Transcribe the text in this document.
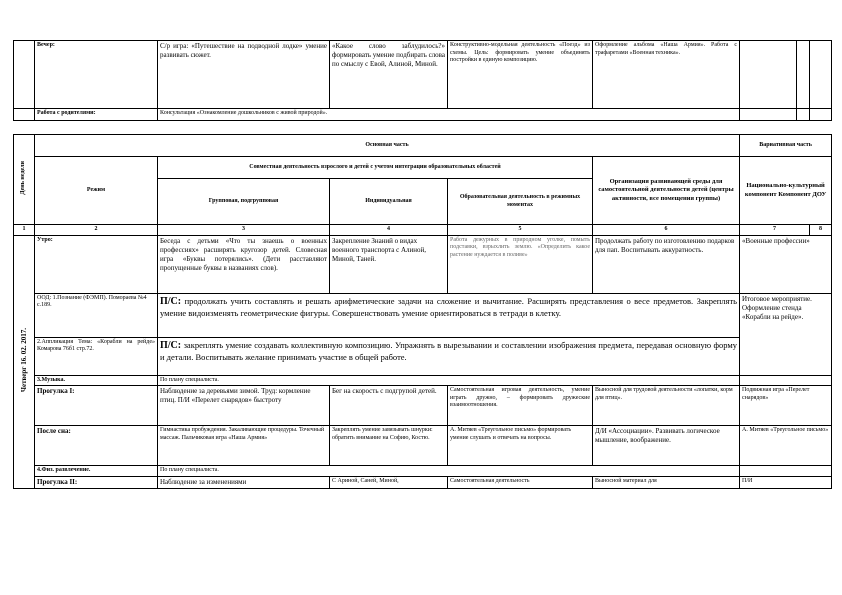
	Вечер:	С/р игра: «Путешествие на подводной лодке» умение развивать сюжет.	«Какое слово заблудилось?» формировать умение подбирать слова по смыслу с Евой, Алиной, Миной.	Конструктивно-модельная деятельность «Поезд» из схемы. Цель: формировать умение объединять постройки в единую композицию.	Оформление альбома «Наша Армия». Работа с трафаретами «Военная техника».			
	Работа с родителями:	Консультация «Ознакомление дошкольников с живой природой».						
День недели	Основная часть					Вариативная часть	
	Режим	Совместная деятельность взрослого и детей с учетом интеграции образовательных областей			Организация развивающей среды для самостоятельной деятельности детей (центры активности, все помещения группы)	Национально-культурный компонент Компонент ДОУ	
		Групповая, подгрупповая	Индивидуальная	Образовательная деятельность в режимных моментах			
1	2	3	4	5	6	7	8
Четверг 16. 02. 2017.	Утро:	Беседа с детьми «Что ты знаешь о военных профессиях» расширять кругозор детей. Словесная игра «Буквы потерялись». (Дети расставляют пропущенные буквы в названиях слов).	Закрепление Знаний о видах военного транспорта с Алиной, Миной, Таней.	Работа дежурных в природном уголке, помыть подставки, взрыхлить землю. «Определить какое растение нуждается в поливе»	Продолжать работу по изготовлению подарков для пап. Воспитывать аккуратность.	«Военные профессии»	
	ООД: 1.Познание (ФЭМП). Помораева №4 с.189.	П/С: продолжать учить составлять и решать арифметические задачи на сложение и вычитание. Расширять представления о весе предметов. Закреплять умение видоизменять геометрические фигуры. Совершенствовать умение ориентироваться в тетради в клетку.				Итоговое мероприятие. Оформление стенда «Корабли на рейде».	
	2.Аппликация Тема: «Корабли на рейде» Комарова 76б1 стр.72.	П/С: закреплять умение создавать коллективную композицию. Упражнять в вырезывании и составлении изображения предмета, передавая основную форму и детали. Воспитывать желание принимать участие в общей работе.					
	3.Музыка.	По плану специалиста.					
	Прогулка I:	Наблюдение за деревьями зимой. Труд: кормление птиц. П/И «Перелет снарядов» быстроту	Бег на скорость с подгрупой детей.	Самостоятельная игровая деятельность, умение играть дружно, – формировать дружеские взаимоотношения.	Выносной для трудовой деятельности «лопатки, корм для птиц».	Подвижная игра «Перелет снарядов»	
	После сна:	Гимнастика пробуждения. Закаливающие процедуры. Точечный массаж. Пальчиковая игра «Наша Армия»	Закреплять умение завязывать шнурки: обратить внимание на Софию, Костю.	А. Митяев «Треугольное письмо» формировать умение слушать и отвечать на вопросы.	Д/И «Ассоциации». Развивать логическое мышление, воображение.	А. Митяев «Треугольное письмо»	
	4.Физ. развлечение.	По плану специалиста.					
	Прогулка II:	Наблюдение за изменениями	С Ариной, Саней, Миной,	Самостоятельная деятельность	Выносной материал для	П/И	
